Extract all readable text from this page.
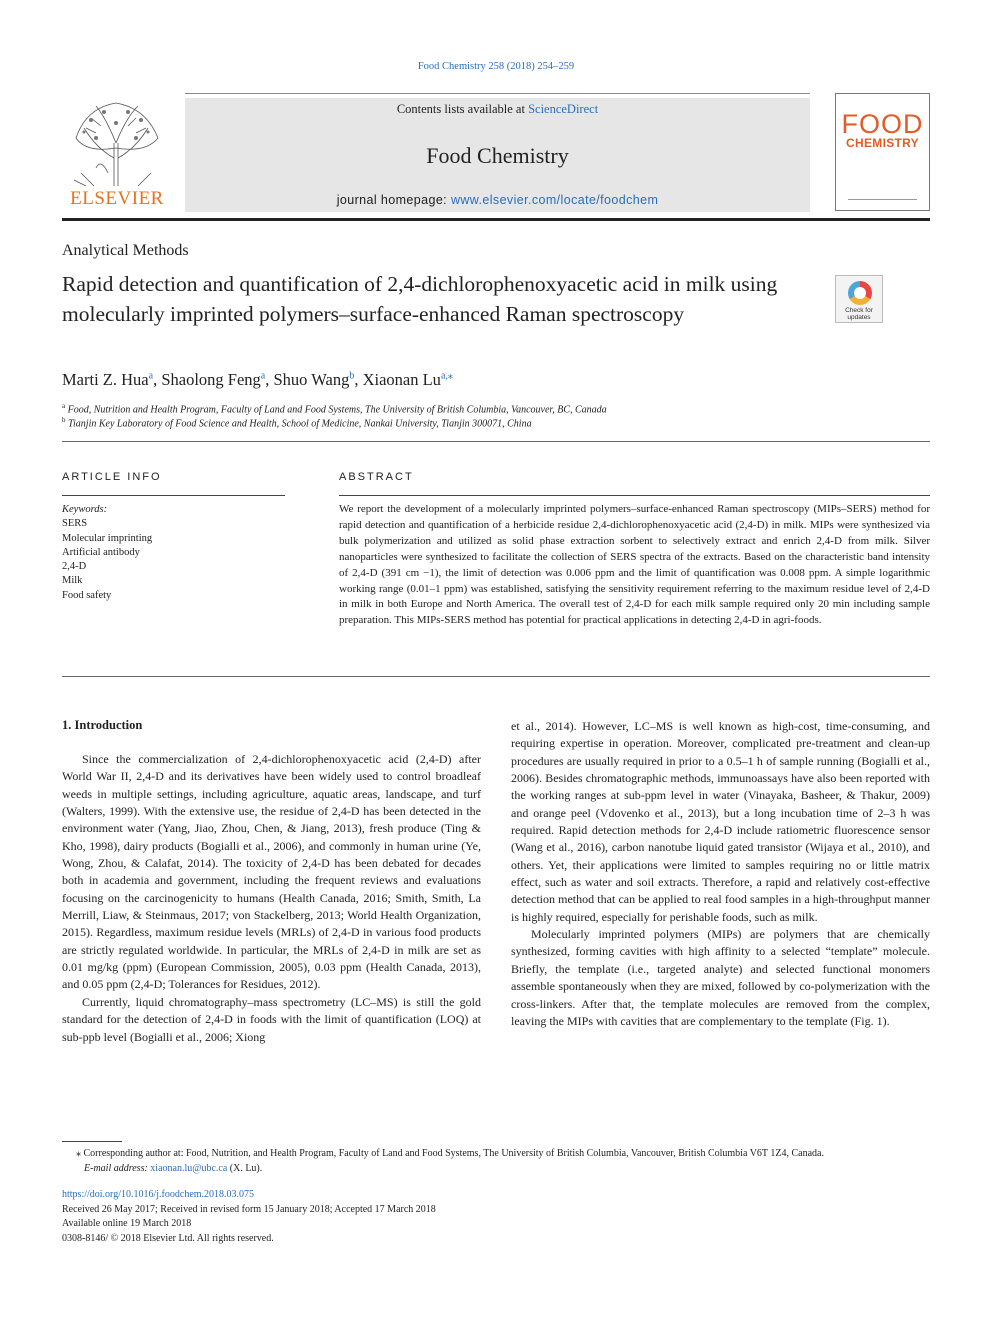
Food Chemistry 258 (2018) 254–259
ELSEVIER
Contents lists available at ScienceDirect
Food Chemistry
journal homepage: www.elsevier.com/locate/foodchem
FOOD
CHEMISTRY
Analytical Methods
Rapid detection and quantification of 2,4-dichlorophenoxyacetic acid in milk using molecularly imprinted polymers–surface-enhanced Raman spectroscopy	Check for
updates
Marti Z. Hua$^a$, Shaolong Feng$^a$, Shuo Wang$^b$, Xiaonan $Lu^{a,⁎}$
$^a$ Food, Nutrition and Health Program, Faculty of Land and Food Systems, The University of British Columbia, Vancouver, BC, Canada
$^b$ Tianjin Key Laboratory of Food Science and Health, School of Medicine, Nankai University, Tianjin 300071, China
ARTICLE INFO
Keywords:
SERS
Molecular imprinting
Artificial antibody
2,4-D
Milk
Food safety
ABSTRACT
We report the development of a molecularly imprinted polymers–surface-enhanced Raman spectroscopy (MIPs–SERS) method for rapid detection and quantification of a herbicide residue 2,4-dichlorophenoxyacetic acid (2,4-D) in milk. MIPs were synthesized via bulk polymerization and utilized as solid phase extraction sorbent to selectively extract and enrich 2,4-D from milk. Silver nanoparticles were synthesized to facilitate the collection of SERS spectra of the extracts. Based on the characteristic band intensity of 2,4-D (391 cm −1), the limit of detection was 0.006 ppm and the limit of quantification was 0.008 ppm. A simple logarithmic working range (0.01–1 ppm) was established, satisfying the sensitivity requirement referring to the maximum residue level of 2,4-D in milk in both Europe and North America. The overall test of 2,4-D for each milk sample required only 20 min including sample preparation. This MIPs-SERS method has potential for practical applications in detecting 2,4-D in agri-foods.
1. Introduction

Since the commercialization of 2,4-dichlorophenoxyacetic acid (2,4-D) after World War II, 2,4-D and its derivatives have been widely used to control broadleaf weeds in multiple settings, including agriculture, aquatic areas, landscape, and turf (Walters, 1999). With the extensive use, the residue of 2,4-D has been detected in the environment water (Yang, Jiao, Zhou, Chen, & Jiang, 2013), fresh produce (Ting & Kho, 1998), dairy products (Bogialli et al., 2006), and commonly in human urine (Ye, Wong, Zhou, & Calafat, 2014). The toxicity of 2,4-D has been debated for decades both in academia and government, including the frequent reviews and evaluations focusing on the carcinogenicity to humans (Health Canada, 2016; Smith, Smith, La Merrill, Liaw, & Steinmaus, 2017; von Stackelberg, 2013; World Health Organization, 2015). Regardless, maximum residue levels (MRLs) of 2,4-D in various food products are strictly regulated worldwide. In particular, the MRLs of 2,4-D in milk are set as 0.01 mg/kg (ppm) (European Commission, 2005), 0.03 ppm (Health Canada, 2013), and 0.05 ppm (2,4-D; Tolerances for Residues, 2012).

Currently, liquid chromatography–mass spectrometry (LC–MS) is still the gold standard for the detection of 2,4-D in foods with the limit of quantification (LOQ) at sub-ppb level (Bogialli et al., 2006; Xiong

et al., 2014). However, LC–MS is well known as high-cost, time-consuming, and requiring expertise in operation. Moreover, complicated pre-treatment and clean-up procedures are usually required in prior to a 0.5–1 h of sample running (Bogialli et al., 2006). Besides chromatographic methods, immunoassays have also been reported with the working ranges at sub-ppm level in water (Vinayaka, Basheer, & Thakur, 2009) and orange peel (Vdovenko et al., 2013), but a long incubation time of 2–3 h was required. Rapid detection methods for 2,4-D include ratiometric fluorescence sensor (Wang et al., 2016), carbon nanotube liquid gated transistor (Wijaya et al., 2010), and others. Yet, their applications were limited to samples requiring no or little matrix effect, such as water and soil extracts. Therefore, a rapid and relatively cost-effective detection method that can be applied to real food samples in a high-throughput manner is highly required, especially for perishable foods, such as milk.

Molecularly imprinted polymers (MIPs) are polymers that are chemically synthesized, forming cavities with high affinity to a selected “template” molecule. Briefly, the template (i.e., targeted analyte) and selected functional monomers assemble spontaneously when they are mixed, followed by co-polymerization with the cross-linkers. After that, the template molecules are removed from the complex, leaving the MIPs with cavities that are complementary to the template (Fig. 1).

⁎ Corresponding author at: Food, Nutrition, and Health Program, Faculty of Land and Food Systems, The University of British Columbia, Vancouver, British Columbia V6T 1Z4, Canada.
E-mail address: xiaonan.lu@ubc.ca (X. Lu).
https://doi.org/10.1016/j.foodchem.2018.03.075
Received 26 May 2017; Received in revised form 15 January 2018; Accepted 17 March 2018
Available online 19 March 2018
0308-8146/ © 2018 Elsevier Ltd. All rights reserved.
